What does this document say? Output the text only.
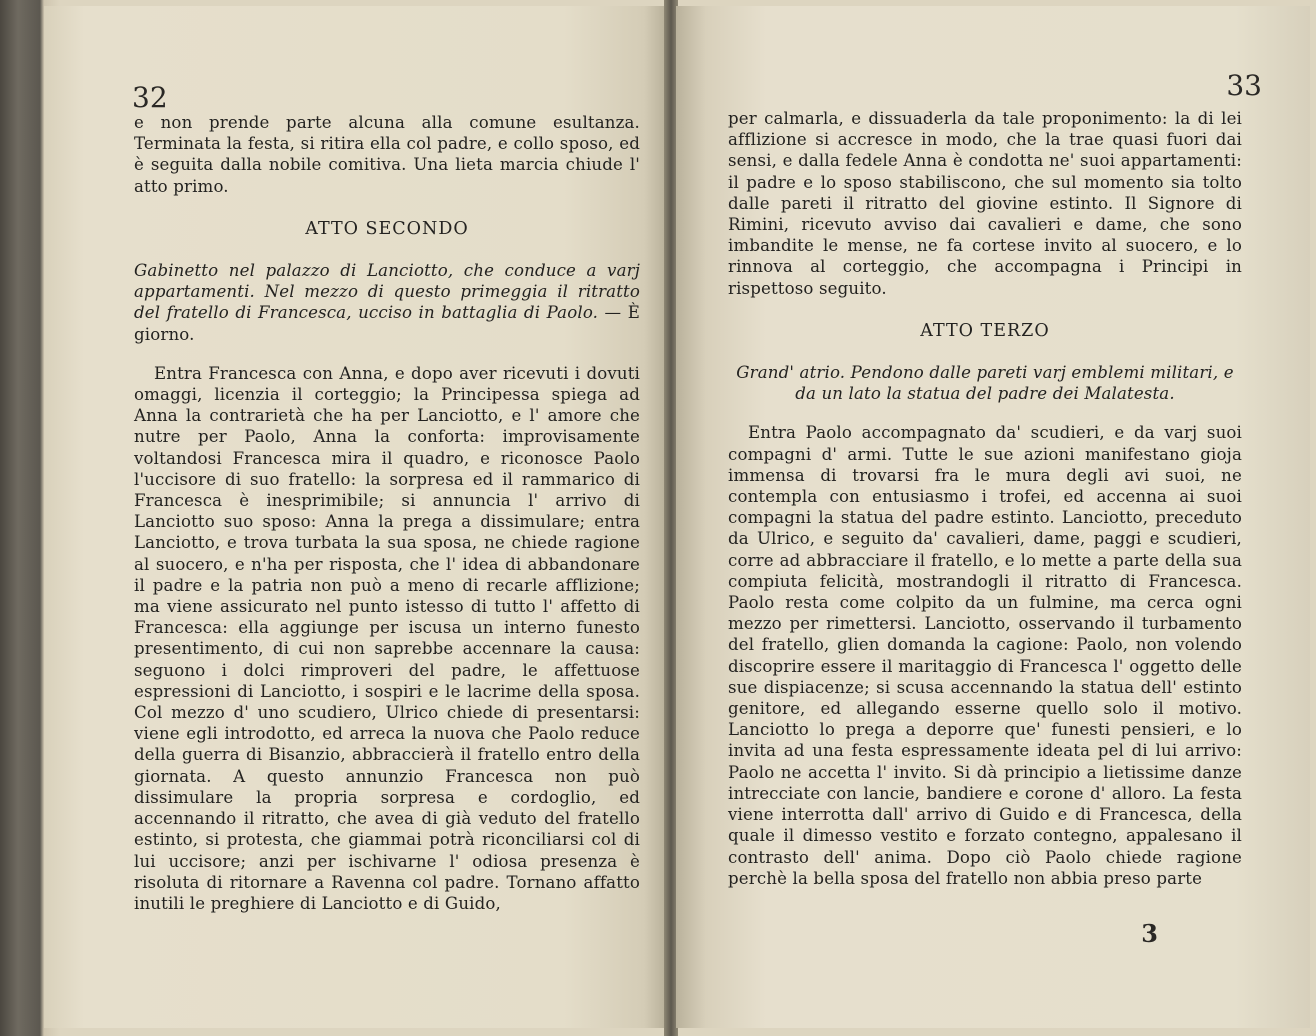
32

e non prende parte alcuna alla comune esultanza. Terminata la festa, si ritira ella col padre, e collo sposo, ed è seguita dalla nobile comitiva. Una lieta marcia chiude l' atto primo.

ATTO SECONDO

Gabinetto nel palazzo di Lanciotto, che conduce a varj appartamenti. Nel mezzo di questo primeggia il ritratto del fratello di Francesca, ucciso in battaglia di Paolo. — È giorno.

Entra Francesca con Anna, e dopo aver ricevuti i dovuti omaggi, licenzia il corteggio; la Principessa spiega ad Anna la contrarietà che ha per Lanciotto, e l' amore che nutre per Paolo, Anna la conforta: improvisamente voltandosi Francesca mira il quadro, e riconosce Paolo l'uccisore di suo fratello: la sorpresa ed il rammarico di Francesca è inesprimibile; si annuncia l' arrivo di Lanciotto suo sposo: Anna la prega a dissimulare; entra Lanciotto, e trova turbata la sua sposa, ne chiede ragione al suocero, e n'ha per risposta, che l' idea di abbandonare il padre e la patria non può a meno di recarle afflizione; ma viene assicurato nel punto istesso di tutto l' affetto di Francesca: ella aggiunge per iscusa un interno funesto presentimento, di cui non saprebbe accennare la causa: seguono i dolci rimproveri del padre, le affettuose espressioni di Lanciotto, i sospiri e le lacrime della sposa. Col mezzo d' uno scudiero, Ulrico chiede di presentarsi: viene egli introdotto, ed arreca la nuova che Paolo reduce della guerra di Bisanzio, abbraccierà il fratello entro della giornata. A questo annunzio Francesca non può dissimulare la propria sorpresa e cordoglio, ed accennando il ritratto, che avea di già veduto del fratello estinto, si protesta, che giammai potrà riconciliarsi col di lui uccisore; anzi per ischivarne l' odiosa presenza è risoluta di ritornare a Ravenna col padre. Tornano affatto inutili le preghiere di Lanciotto e di Guido,

33

per calmarla, e dissuaderla da tale proponimento: la di lei afflizione si accresce in modo, che la trae quasi fuori dai sensi, e dalla fedele Anna è condotta ne' suoi appartamenti: il padre e lo sposo stabiliscono, che sul momento sia tolto dalle pareti il ritratto del giovine estinto. Il Signore di Rimini, ricevuto avviso dai cavalieri e dame, che sono imbandite le mense, ne fa cortese invito al suocero, e lo rinnova al corteggio, che accompagna i Principi in rispettoso seguito.

ATTO TERZO

Grand' atrio. Pendono dalle pareti varj emblemi militari, e da un lato la statua del padre dei Malatesta.

Entra Paolo accompagnato da' scudieri, e da varj suoi compagni d' armi. Tutte le sue azioni manifestano gioja immensa di trovarsi fra le mura degli avi suoi, ne contempla con entusiasmo i trofei, ed accenna ai suoi compagni la statua del padre estinto. Lanciotto, preceduto da Ulrico, e seguito da' cavalieri, dame, paggi e scudieri, corre ad abbracciare il fratello, e lo mette a parte della sua compiuta felicità, mostrandogli il ritratto di Francesca. Paolo resta come colpito da un fulmine, ma cerca ogni mezzo per rimettersi. Lanciotto, osservando il turbamento del fratello, glien domanda la cagione: Paolo, non volendo discoprire essere il maritaggio di Francesca l' oggetto delle sue dispiacenze; si scusa accennando la statua dell' estinto genitore, ed allegando esserne quello solo il motivo. Lanciotto lo prega a deporre que' funesti pensieri, e lo invita ad una festa espressamente ideata pel di lui arrivo: Paolo ne accetta l' invito. Si dà principio a lietissime danze intrecciate con lancie, bandiere e corone d' alloro. La festa viene interrotta dall' arrivo di Guido e di Francesca, della quale il dimesso vestito e forzato contegno, appalesano il contrasto dell' anima. Dopo ciò Paolo chiede ragione perchè la bella sposa del fratello non abbia preso parte

3
